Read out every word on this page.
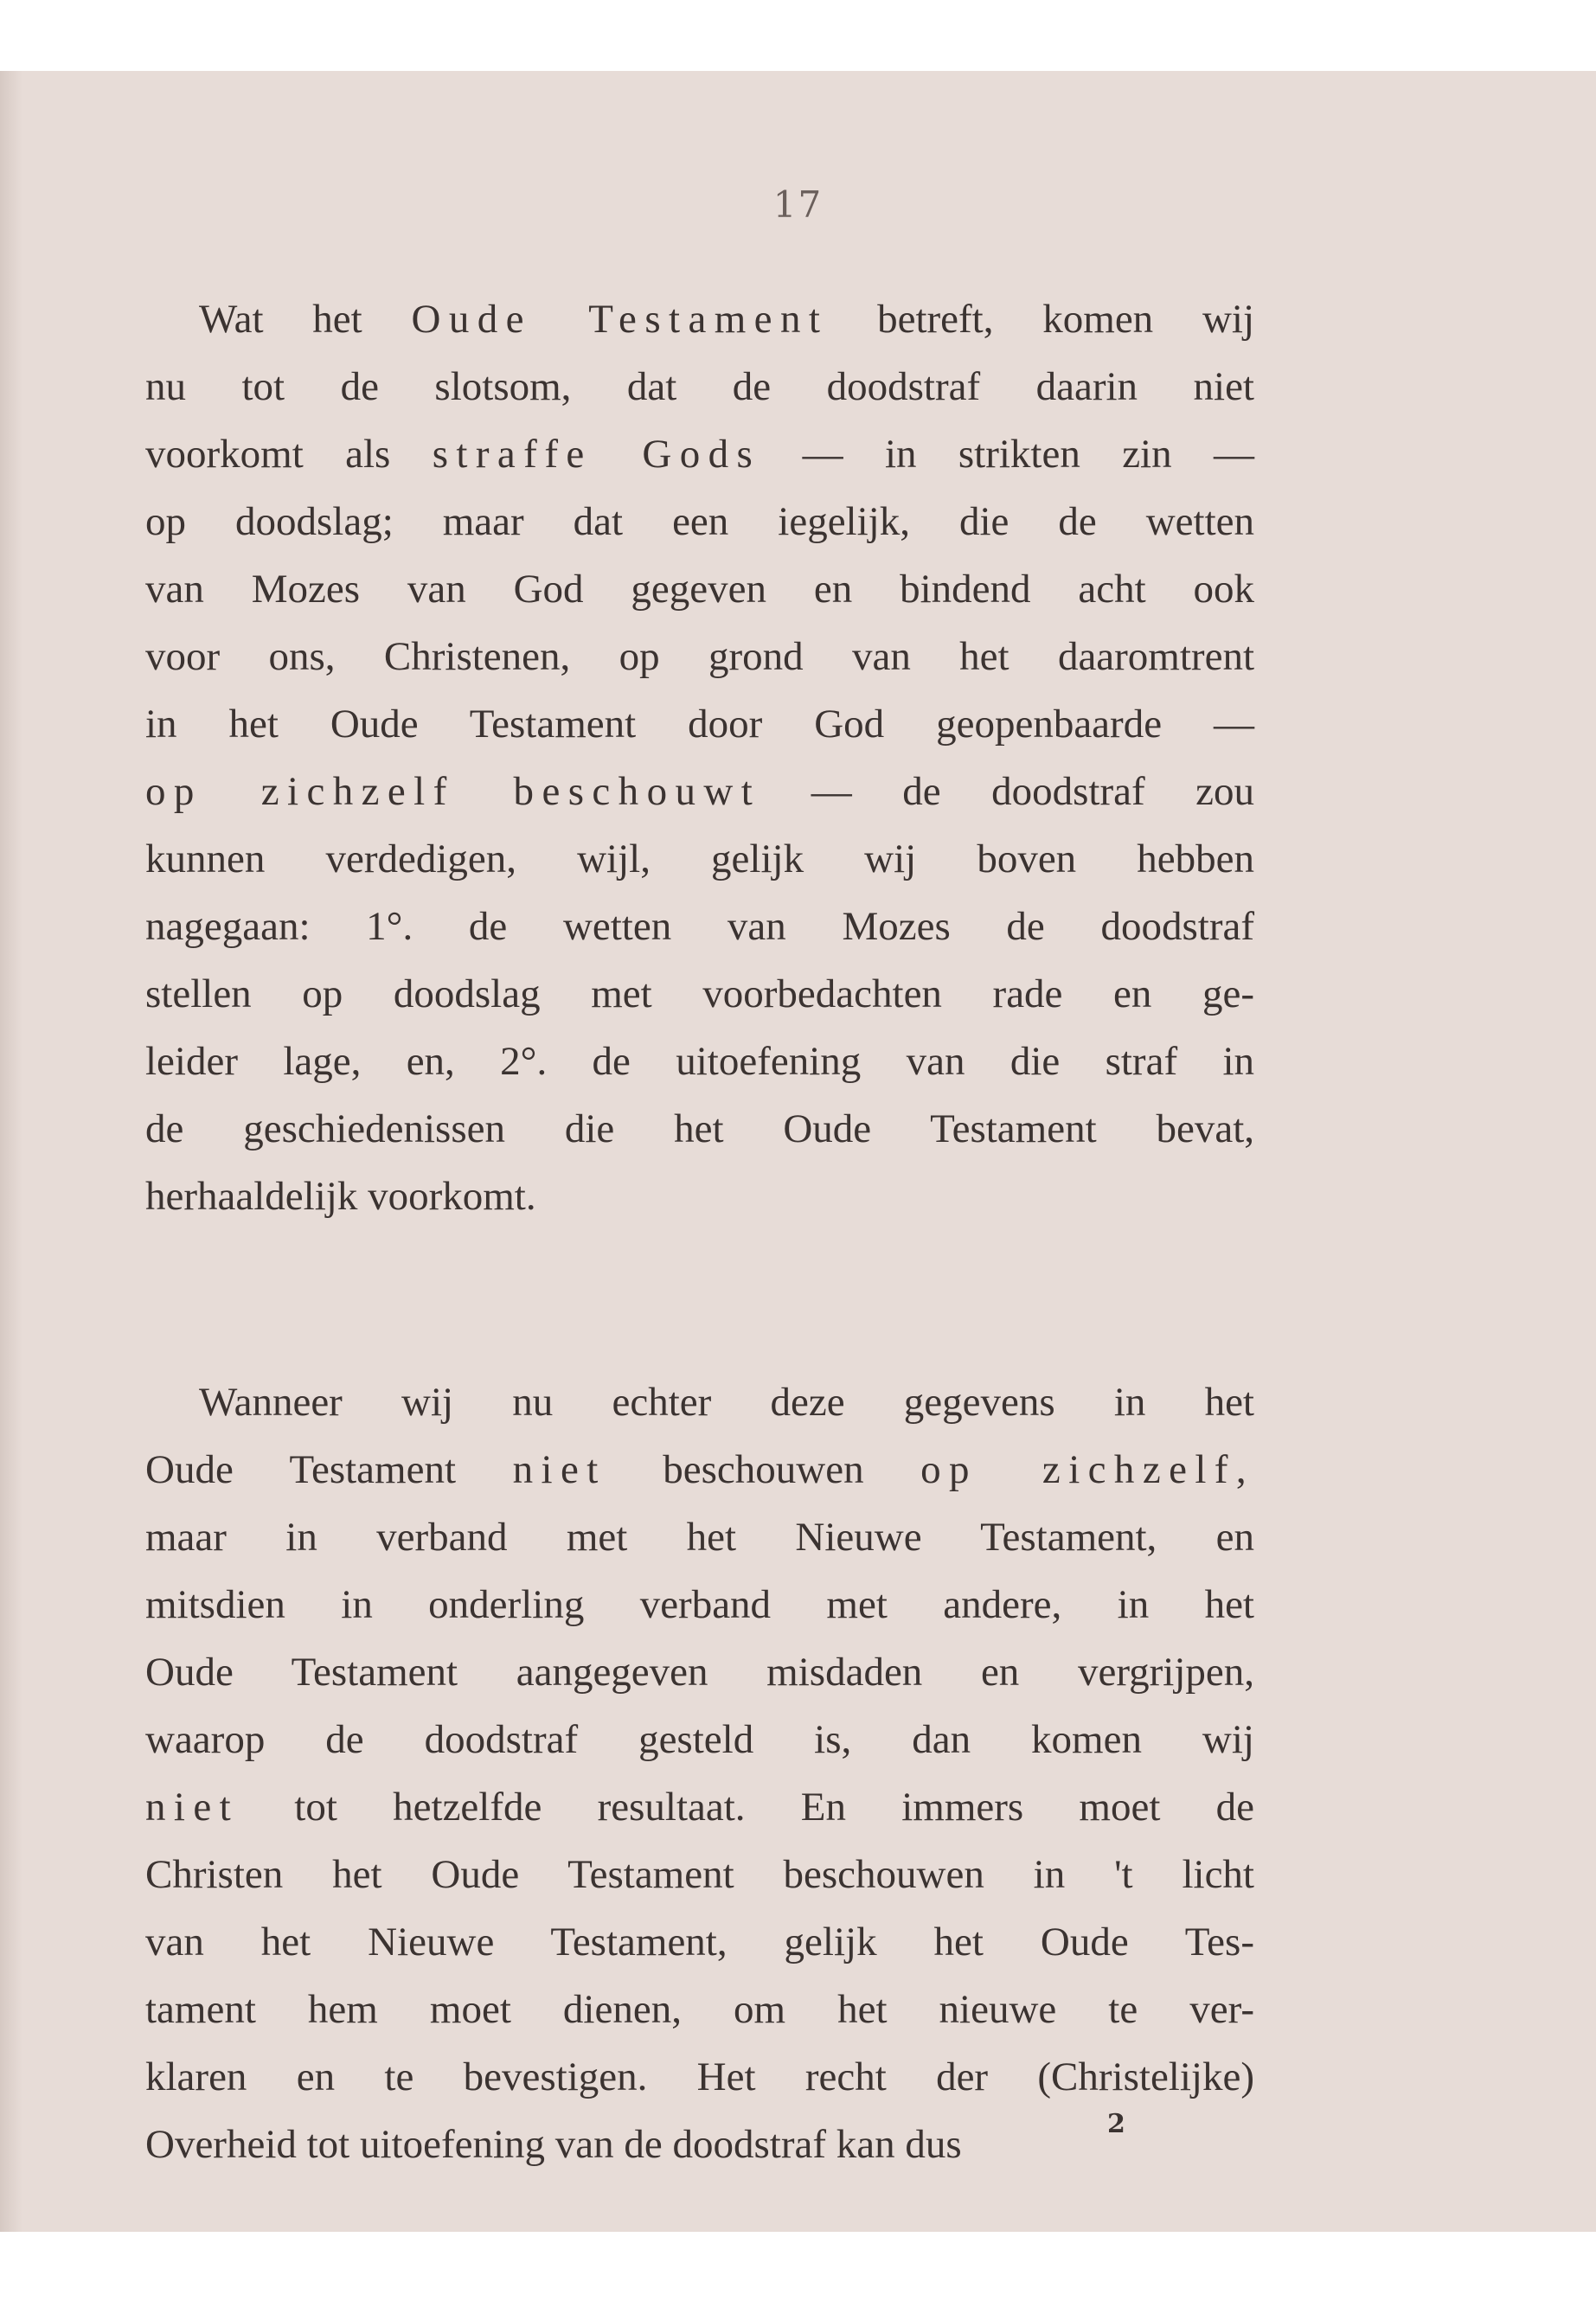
17
Wat het Oude Testament betreft, komen wij
nu tot de slotsom, dat de doodstraf daarin niet
voorkomt als straffe Gods — in strikten zin —
op doodslag; maar dat een iegelijk, die de wetten
van Mozes van God gegeven en bindend acht ook
voor ons, Christenen, op grond van het daaromtrent
in het Oude Testament door God geopenbaarde —
op zichzelf beschouwt — de doodstraf zou
kunnen verdedigen, wijl, gelijk wij boven hebben
nagegaan: 1°. de wetten van Mozes de doodstraf
stellen op doodslag met voorbedachten rade en ge-
leider lage, en, 2°. de uitoefening van die straf in
de geschiedenissen die het Oude Testament bevat,
herhaaldelijk voorkomt.
Wanneer wij nu echter deze gegevens in het
Oude Testament niet beschouwen op zichzelf,
maar in verband met het Nieuwe Testament, en
mitsdien in onderling verband met andere, in het
Oude Testament aangegeven misdaden en vergrijpen,
waarop de doodstraf gesteld is, dan komen wij
niet tot hetzelfde resultaat. En immers moet de
Christen het Oude Testament beschouwen in 't licht
van het Nieuwe Testament, gelijk het Oude Tes-
tament hem moet dienen, om het nieuwe te ver-
klaren en te bevestigen. Het recht der (Christelijke)
Overheid tot uitoefening van de doodstraf kan dus	2
